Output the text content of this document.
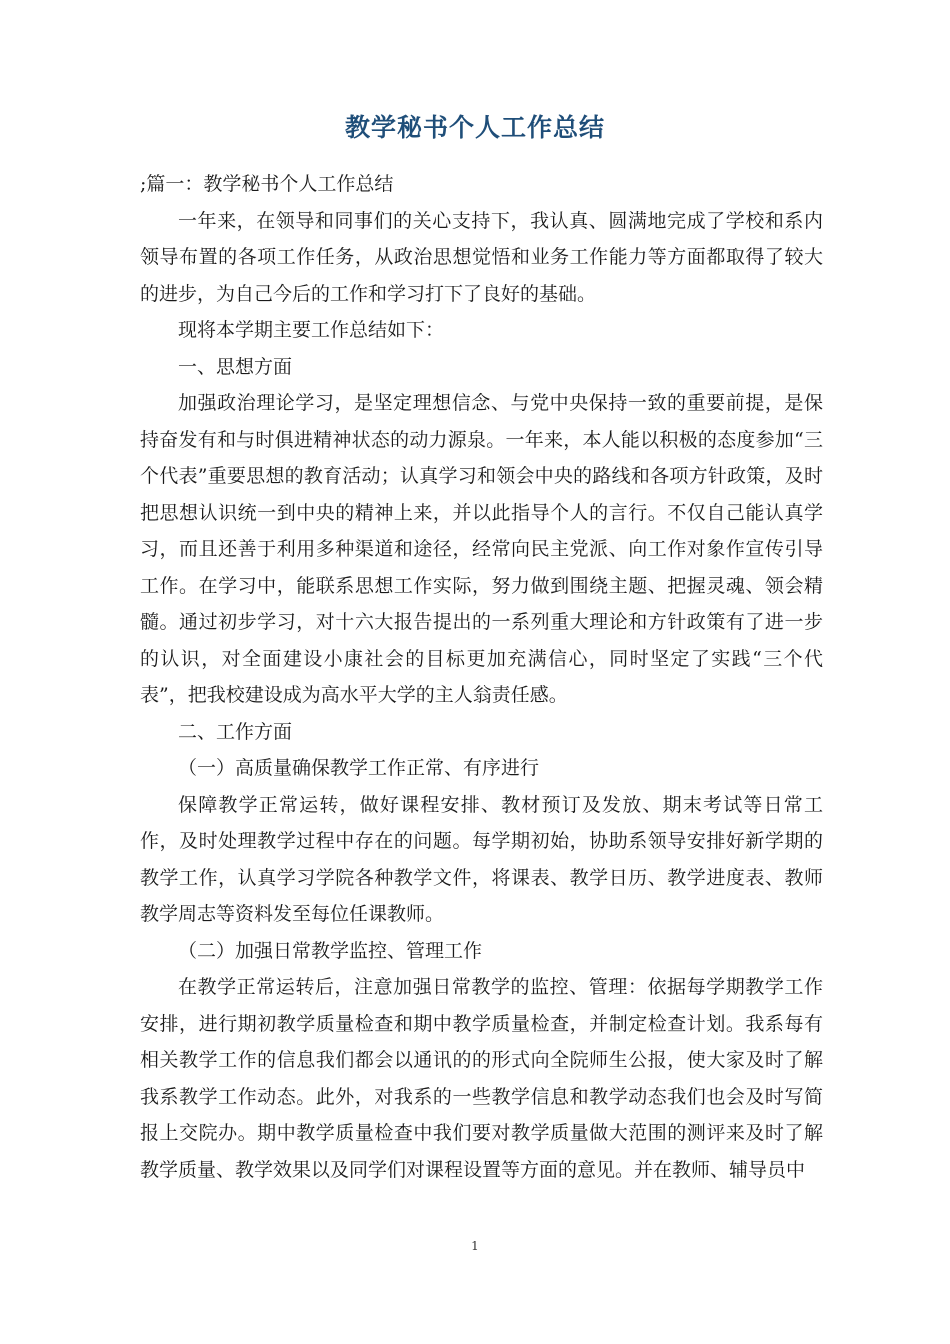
教学秘书个人工作总结

;篇一：教学秘书个人工作总结

一年来，在领导和同事们的关心支持下，我认真、圆满地完成了学校和系内领导布置的各项工作任务，从政治思想觉悟和业务工作能力等方面都取得了较大的进步，为自己今后的工作和学习打下了良好的基础。

现将本学期主要工作总结如下：

一、思想方面

加强政治理论学习，是坚定理想信念、与党中央保持一致的重要前提，是保持奋发有和与时俱进精神状态的动力源泉。一年来，本人能以积极的态度参加“三个代表”重要思想的教育活动；认真学习和领会中央的路线和各项方针政策，及时把思想认识统一到中央的精神上来，并以此指导个人的言行。不仅自己能认真学习，而且还善于利用多种渠道和途径，经常向民主党派、向工作对象作宣传引导工作。在学习中，能联系思想工作实际，努力做到围绕主题、把握灵魂、领会精髓。通过初步学习，对十六大报告提出的一系列重大理论和方针政策有了进一步的认识，对全面建设小康社会的目标更加充满信心，同时坚定了实践“三个代表”，把我校建设成为高水平大学的主人翁责任感。

二、工作方面

（一）高质量确保教学工作正常、有序进行

保障教学正常运转，做好课程安排、教材预订及发放、期末考试等日常工作，及时处理教学过程中存在的问题。每学期初始，协助系领导安排好新学期的教学工作，认真学习学院各种教学文件，将课表、教学日历、教学进度表、教师教学周志等资料发至每位任课教师。

（二）加强日常教学监控、管理工作

在教学正常运转后，注意加强日常教学的监控、管理：依据每学期教学工作安排，进行期初教学质量检查和期中教学质量检查，并制定检查计划。我系每有相关教学工作的信息我们都会以通讯的的形式向全院师生公报，使大家及时了解我系教学工作动态。此外，对我系的一些教学信息和教学动态我们也会及时写简报上交院办。期中教学质量检查中我们要对教学质量做大范围的测评来及时了解教学质量、教学效果以及同学们对课程设置等方面的意见。并在教师、辅导员中

1
